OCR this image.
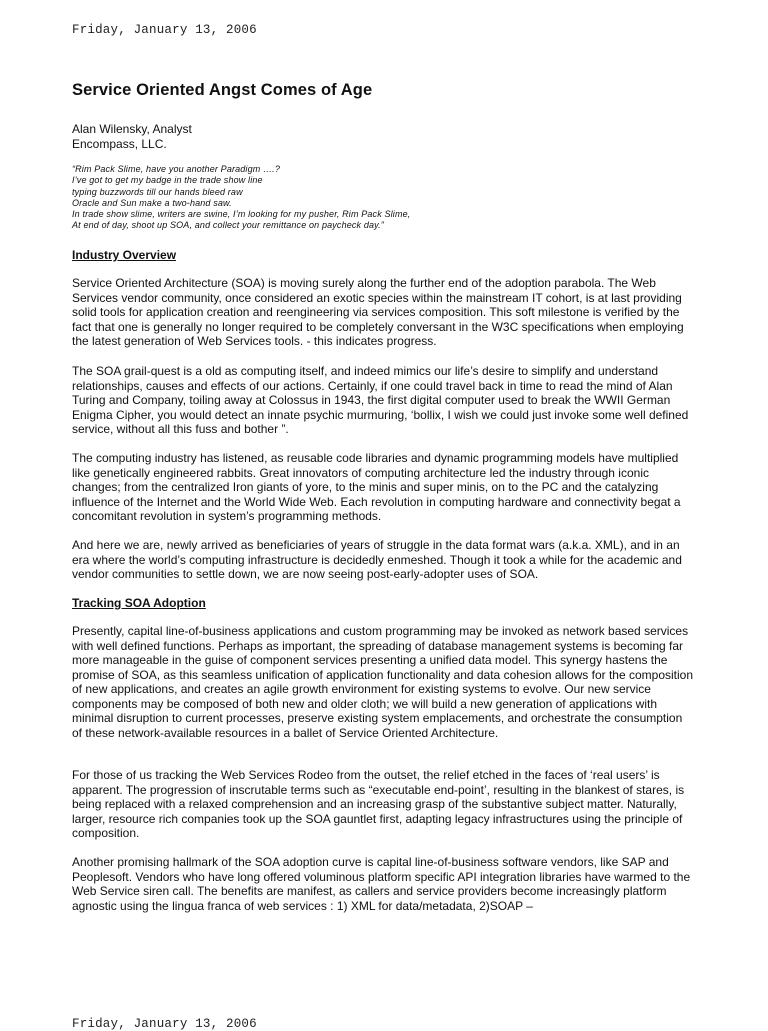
Friday, January 13, 2006
Service Oriented Angst Comes of Age
Alan Wilensky, Analyst
Encompass, LLC.
“Rim Pack Slime, have you another Paradigm ….?
I’ve got to get my badge in the trade show line
typing buzzwords till our hands bleed raw
Oracle and Sun make a two-hand saw.
In trade show slime, writers are swine, I’m looking for my pusher, Rim Pack Slime,
At end of day, shoot up SOA, and collect your remittance on paycheck day.”
Industry Overview

Service Oriented Architecture (SOA) is moving surely along the further end of the adoption parabola. The Web Services vendor community, once considered an exotic species within the mainstream IT cohort, is at last providing solid tools for application creation and reengineering via services composition. This soft milestone is verified by the fact that one is generally no longer required to be completely conversant in the W3C specifications when employing the latest generation of Web Services tools. - this indicates progress.

The SOA grail-quest is a old as computing itself, and indeed mimics our life’s desire to simplify and understand relationships, causes and effects of our actions. Certainly, if one could travel back in time to read the mind of Alan Turing and Company, toiling away at Colossus in 1943, the first digital computer used to break the WWII German Enigma Cipher, you would detect an innate psychic murmuring, ‘bollix, I wish we could just invoke some well defined service, without all this fuss and bother ”.

The computing industry has listened, as reusable code libraries and dynamic programming models have multiplied like genetically engineered rabbits. Great innovators of computing architecture led the industry through iconic changes; from the centralized Iron giants of yore, to the minis and super minis, on to the PC and the catalyzing influence of the Internet and the World Wide Web. Each revolution in computing hardware and connectivity begat a concomitant revolution in system’s programming methods.

And here we are, newly arrived as beneficiaries of years of struggle in the data format wars (a.k.a. XML), and in an era where the world’s computing infrastructure is decidedly enmeshed. Though it took a while for the academic and vendor communities to settle down, we are now seeing post-early-adopter uses of SOA.

Tracking SOA Adoption

Presently, capital line-of-business applications and custom programming may be invoked as network based services with well defined functions. Perhaps as important, the spreading of database management systems is becoming far more manageable in the guise of component services presenting a unified data model. This synergy hastens the promise of SOA, as this seamless unification of application functionality and data cohesion allows for the composition of new applications, and creates an agile growth environment for existing systems to evolve. Our new service components may be composed of both new and older cloth; we will build a new generation of applications with minimal disruption to current processes, preserve existing system emplacements, and orchestrate the consumption of these network-available resources in a ballet of Service Oriented Architecture.

For those of us tracking the Web Services Rodeo from the outset, the relief etched in the faces of ‘real users’ is apparent. The progression of inscrutable terms such as “executable end-point’, resulting in the blankest of stares, is being replaced with a relaxed comprehension and an increasing grasp of the substantive subject matter. Naturally, larger, resource rich companies took up the SOA gauntlet first, adapting legacy infrastructures using the principle of composition.

Another promising hallmark of the SOA adoption curve is capital line-of-business software vendors, like SAP and Peoplesoft. Vendors who have long offered voluminous platform specific API integration libraries have warmed to the Web Service siren call. The benefits are manifest, as callers and service providers become increasingly platform agnostic using the lingua franca of web services : 1) XML for data/metadata, 2)SOAP –

Friday, January 13, 2006
